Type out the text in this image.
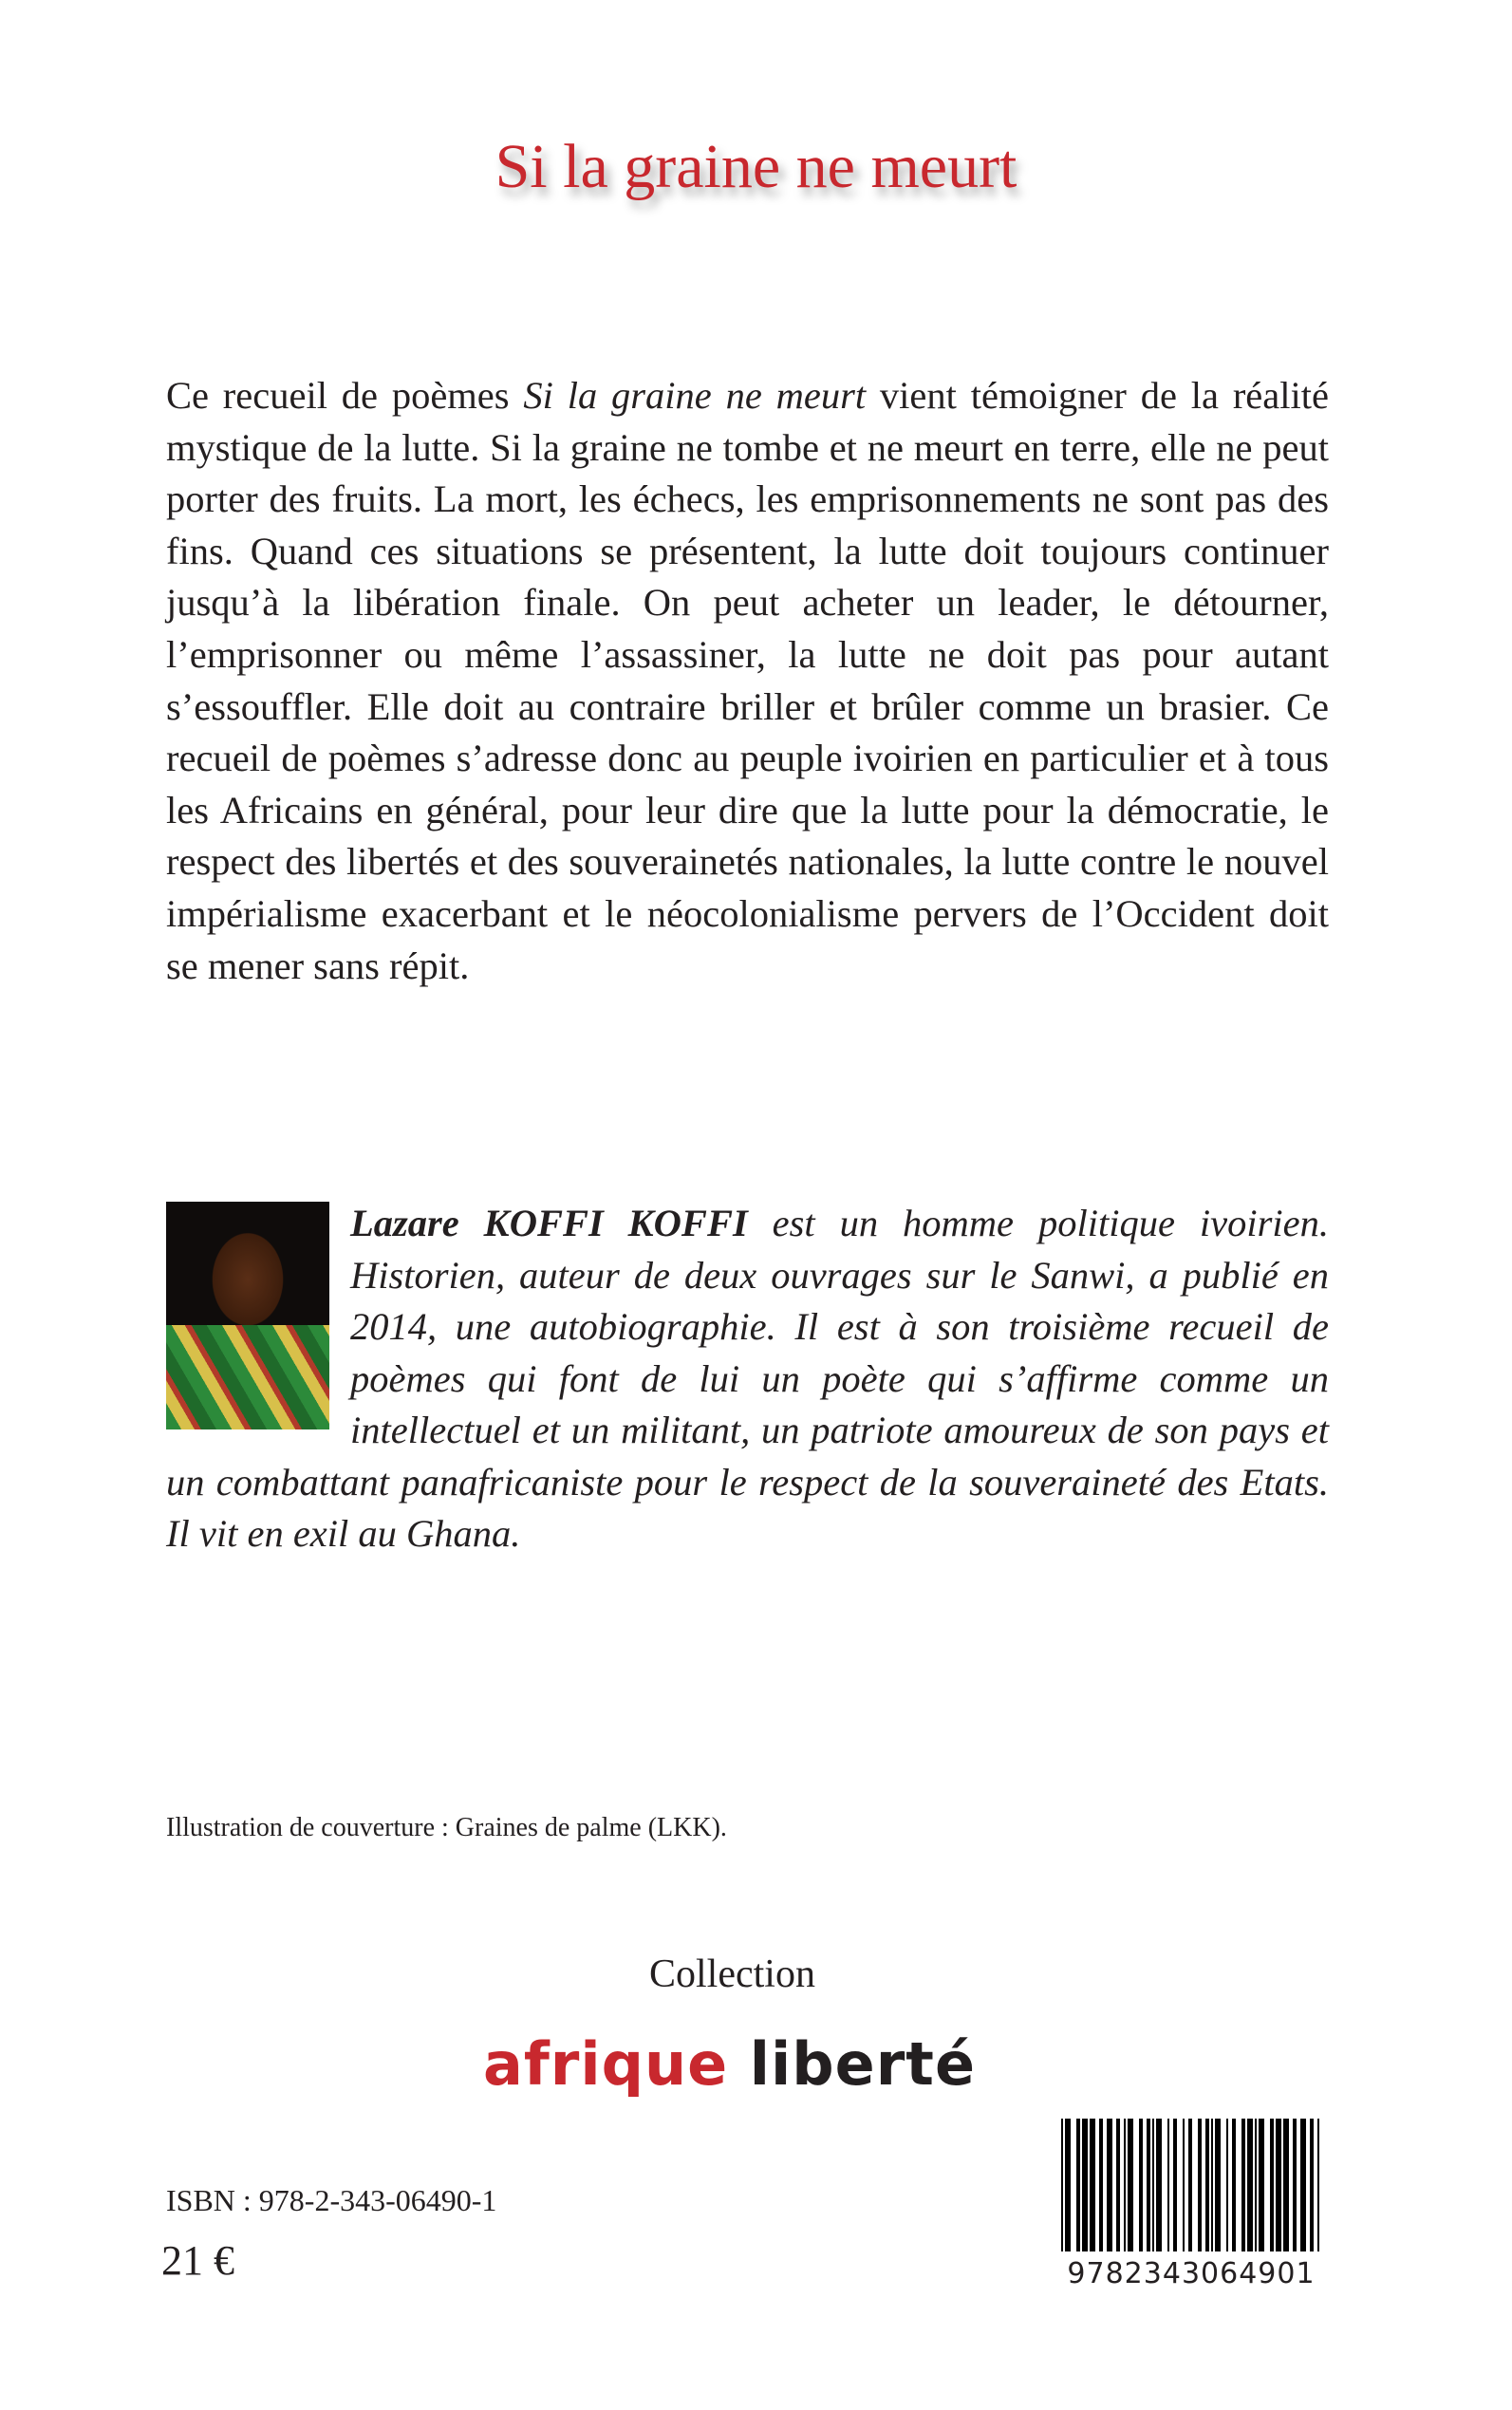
Si la graine ne meurt

Ce recueil de poèmes Si la graine ne meurt vient témoigner de la réalité mystique de la lutte. Si la graine ne tombe et ne meurt en terre, elle ne peut porter des fruits. La mort, les échecs, les emprisonnements ne sont pas des fins. Quand ces situations se présentent, la lutte doit toujours continuer jusqu’à la libération finale. On peut acheter un leader, le détourner, l’emprisonner ou même l’assassiner, la lutte ne doit pas pour autant s’essouffler. Elle doit au contraire briller et brûler comme un brasier. Ce recueil de poèmes s’adresse donc au peuple ivoirien en particulier et à tous les Africains en général, pour leur dire que la lutte pour la démocratie, le respect des libertés et des souverainetés nationales, la lutte contre le nouvel impérialisme exacerbant et le néocolonialisme pervers de l’Occident doit se mener sans répit.

Lazare KOFFI KOFFI est un homme politique ivoirien. Historien, auteur de deux ouvrages sur le Sanwi, a publié en 2014, une autobiographie. Il est à son troisième recueil de poèmes qui font de lui un poète qui s’affirme comme un intellectuel et un militant, un patriote amoureux de son pays et un combattant panafricaniste pour le respect de la souveraineté des Etats. Il vit en exil au Ghana.

Illustration de couverture : Graines de palme (LKK).

Collection

afrique liberté

ISBN : 978-2-343-06490-1

21 €	9782343064901
